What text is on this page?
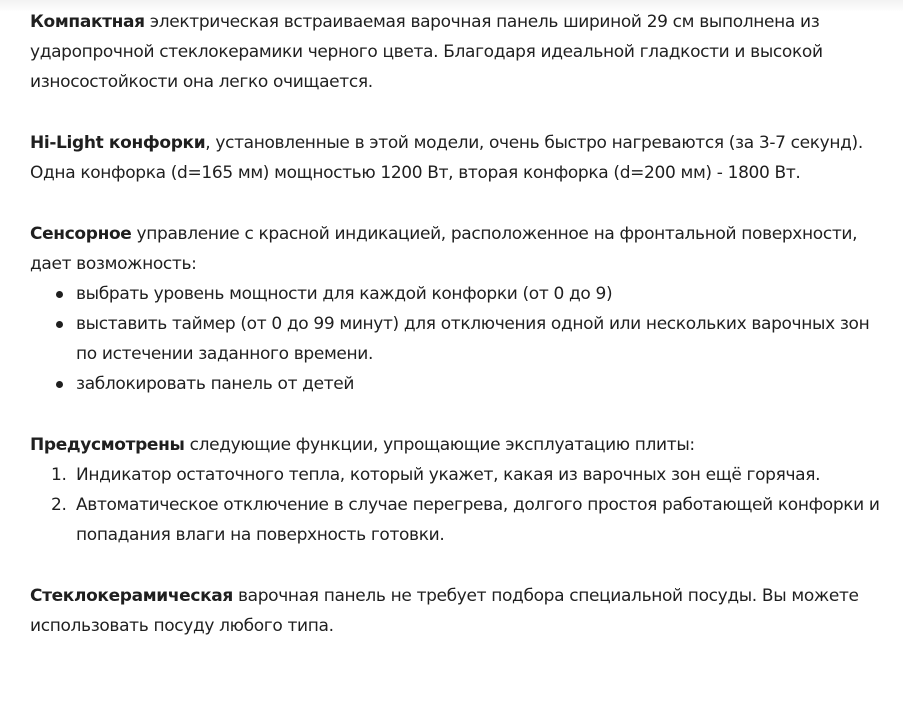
Компактная электрическая встраиваемая варочная панель шириной 29 см выполнена из ударопрочной стеклокерамики черного цвета. Благодаря идеальной гладкости и высокой износостойкости она легко очищается.

Hi-Light конфорки, установленные в этой модели, очень быстро нагреваются (за 3-7 секунд). Одна конфорка (d=165 мм) мощностью 1200 Вт, вторая конфорка (d=200 мм) - 1800 Вт.

Сенсорное управление с красной индикацией, расположенное на фронтальной поверхности, дает возможность:

выбрать уровень мощности для каждой конфорки (от 0 до 9)
выставить таймер (от 0 до 99 минут) для отключения одной или нескольких варочных зон по истечении заданного времени.
заблокировать панель от детей

Предусмотрены следующие функции, упрощающие эксплуатацию плиты:

1. Индикатор остаточного тепла, который укажет, какая из варочных зон ещё горячая.
2. Автоматическое отключение в случае перегрева, долгого простоя работающей конфорки и попадания влаги на поверхность готовки.

Стеклокерамическая варочная панель не требует подбора специальной посуды. Вы можете использовать посуду любого типа.
